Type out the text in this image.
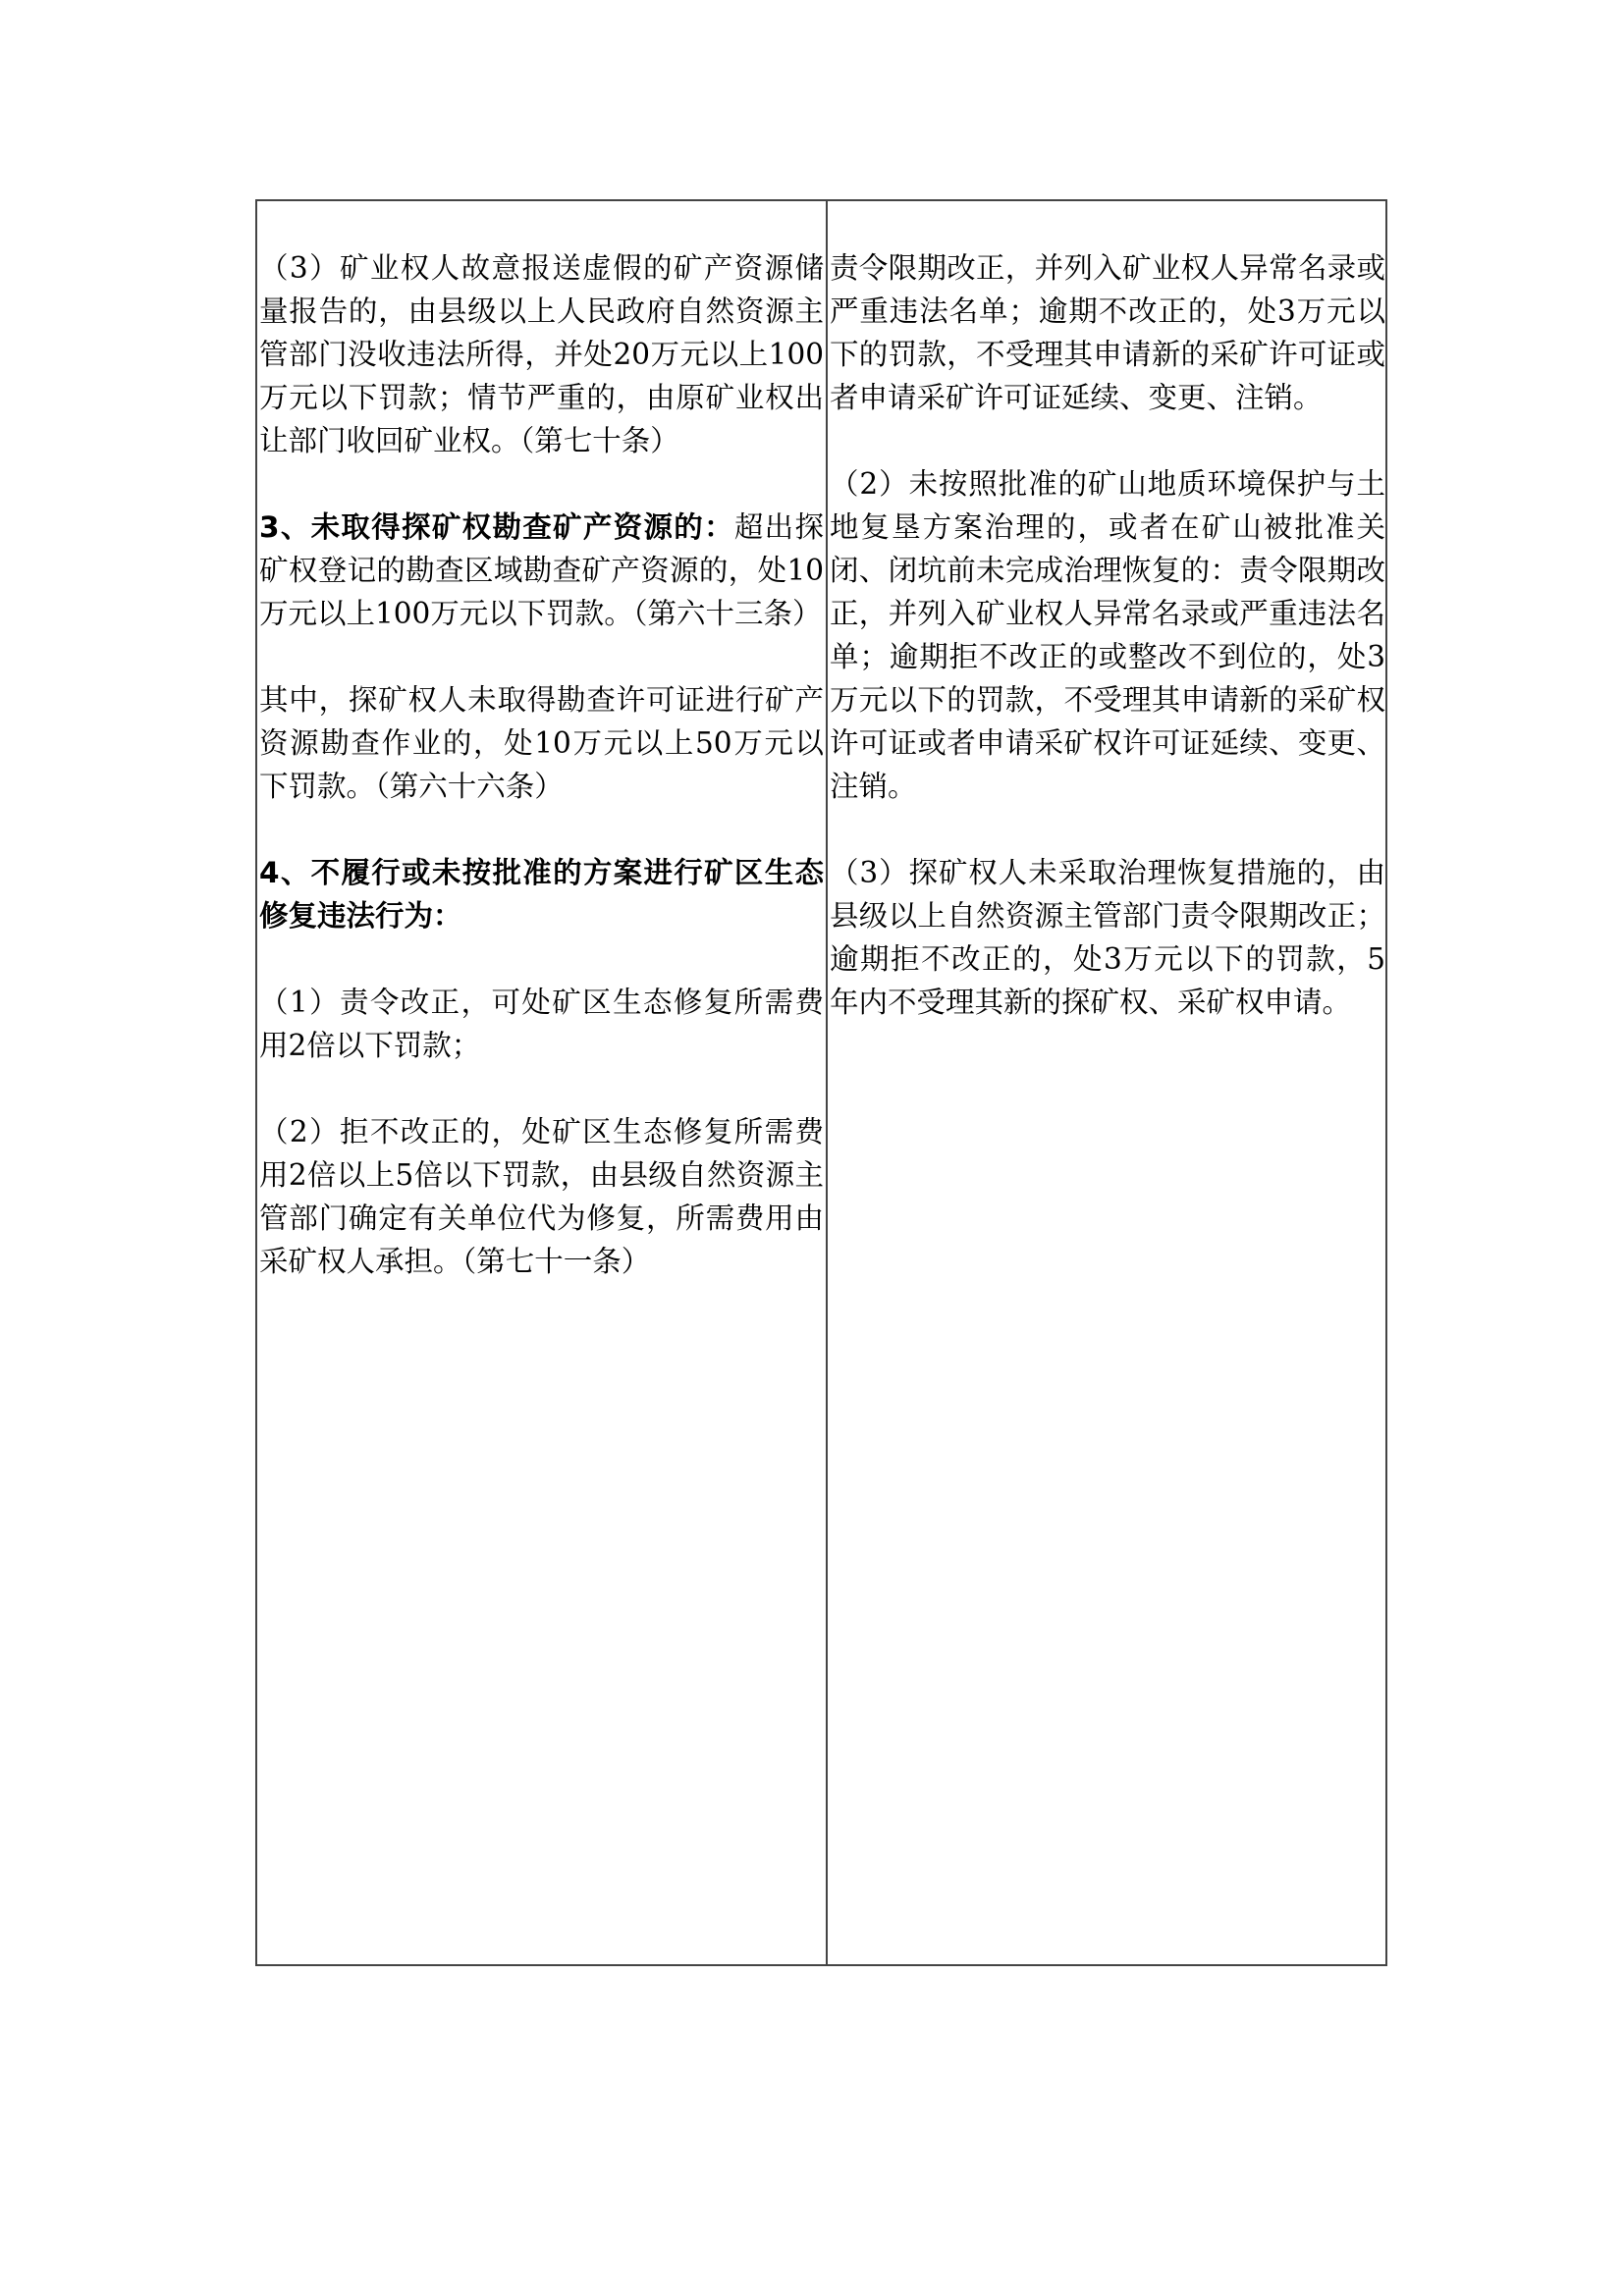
（3）矿业权人故意报送虚假的矿产资源储量报告的，由县级以上人民政府自然资源主管部门没收违法所得，并处20万元以上100万元以下罚款；情节严重的，由原矿业权出让部门收回矿业权。（第七十条）

3、未取得探矿权勘查矿产资源的：超出探矿权登记的勘查区域勘查矿产资源的，处10万元以上100万元以下罚款。（第六十三条）

其中，探矿权人未取得勘查许可证进行矿产资源勘查作业的，处10万元以上50万元以下罚款。（第六十六条）

4、不履行或未按批准的方案进行矿区生态修复违法行为：

（1）责令改正，可处矿区生态修复所需费用2倍以下罚款；

（2）拒不改正的，处矿区生态修复所需费用2倍以上5倍以下罚款，由县级自然资源主管部门确定有关单位代为修复，所需费用由采矿权人承担。（第七十一条）

责令限期改正，并列入矿业权人异常名录或严重违法名单；逾期不改正的，处3万元以下的罚款，不受理其申请新的采矿许可证或者申请采矿许可证延续、变更、注销。

（2）未按照批准的矿山地质环境保护与土地复垦方案治理的，或者在矿山被批准关闭、闭坑前未完成治理恢复的：责令限期改正，并列入矿业权人异常名录或严重违法名单；逾期拒不改正的或整改不到位的，处3万元以下的罚款，不受理其申请新的采矿权许可证或者申请采矿权许可证延续、变更、注销。

（3）探矿权人未采取治理恢复措施的，由县级以上自然资源主管部门责令限期改正；逾期拒不改正的，处3万元以下的罚款，5年内不受理其新的探矿权、采矿权申请。
